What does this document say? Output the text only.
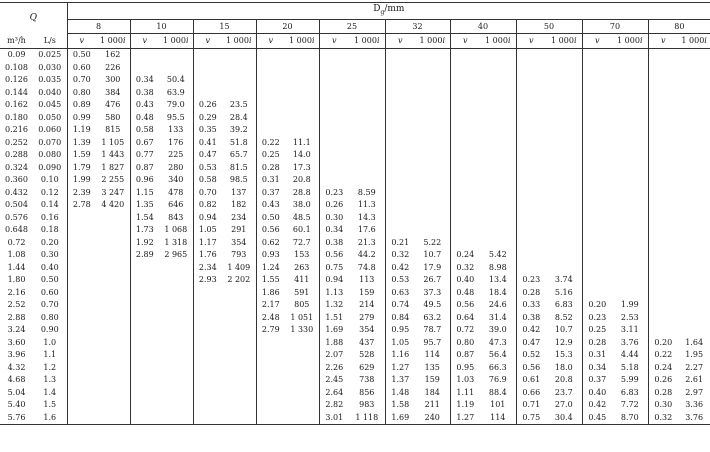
Q		$D_g/mm$																			
		8		10		15		20		25		32		40		50		70		80	
m³/h	L/s	v	1 000i	v	1 000i	v	1 000i	v	1 000i	v	1 000i	v	1 000i	v	1 000i	v	1 000i	v	1 000i	v	1 000i
0.09	0.025	0.50	162																		
0.108	0.030	0.60	226																		
0.126	0.035	0.70	300	0.34	50.4																
0.144	0.040	0.80	384	0.38	63.9																
0.162	0.045	0.89	476	0.43	79.0	0.26	23.5														
0.180	0.050	0.99	580	0.48	95.5	0.29	28.4														
0.216	0.060	1.19	815	0.58	133	0.35	39.2														
0.252	0.070	1.39	1 105	0.67	176	0.41	51.8	0.22	11.1												
0.288	0.080	1.59	1 443	0.77	225	0.47	65.7	0.25	14.0												
0.324	0.090	1.79	1 827	0.87	280	0.53	81.5	0.28	17.3												
0.360	0.10	1.99	2 255	0.96	340	0.58	98.5	0.31	20.8												
0.432	0.12	2.39	3 247	1.15	478	0.70	137	0.37	28.8	0.23	8.59										
0.504	0.14	2.78	4 420	1.35	646	0.82	182	0.43	38.0	0.26	11.3										
0.576	0.16			1.54	843	0.94	234	0.50	48.5	0.30	14.3										
0.648	0.18			1.73	1 068	1.05	291	0.56	60.1	0.34	17.6										
0.72	0.20			1.92	1 318	1.17	354	0.62	72.7	0.38	21.3	0.21	5.22								
1.08	0.30			2.89	2 965	1.76	793	0.93	153	0.56	44.2	0.32	10.7	0.24	5.42						
1.44	0.40					2.34	1 409	1.24	263	0.75	74.8	0.42	17.9	0.32	8.98						
1.80	0.50					2.93	2 202	1.55	411	0.94	113	0.53	26.7	0.40	13.4	0.23	3.74				
2.16	0.60							1.86	591	1.13	159	0.63	37.3	0.48	18.4	0.28	5.16				
2.52	0.70							2.17	805	1.32	214	0.74	49.5	0.56	24.6	0.33	6.83	0.20	1.99		
2.88	0.80							2.48	1 051	1.51	279	0.84	63.2	0.64	31.4	0.38	8.52	0.23	2.53		
3.24	0.90							2.79	1 330	1.69	354	0.95	78.7	0.72	39.0	0.42	10.7	0.25	3.11		
3.60	1.0									1.88	437	1.05	95.7	0.80	47.3	0.47	12.9	0.28	3.76	0.20	1.64
3.96	1.1									2.07	528	1.16	114	0.87	56.4	0.52	15.3	0.31	4.44	0.22	1.95
4.32	1.2									2.26	629	1.27	135	0.95	66.3	0.56	18.0	0.34	5.18	0.24	2.27
4.68	1.3									2.45	738	1.37	159	1.03	76.9	0.61	20.8	0.37	5.99	0.26	2.61
5.04	1.4									2.64	856	1.48	184	1.11	88.4	0.66	23.7	0.40	6.83	0.28	2.97
5.40	1.5									2.82	983	1.58	211	1.19	101	0.71	27.0	0.42	7.72	0.30	3.36
5.76	1.6									3.01	1 118	1.69	240	1.27	114	0.75	30.4	0.45	8.70	0.32	3.76
